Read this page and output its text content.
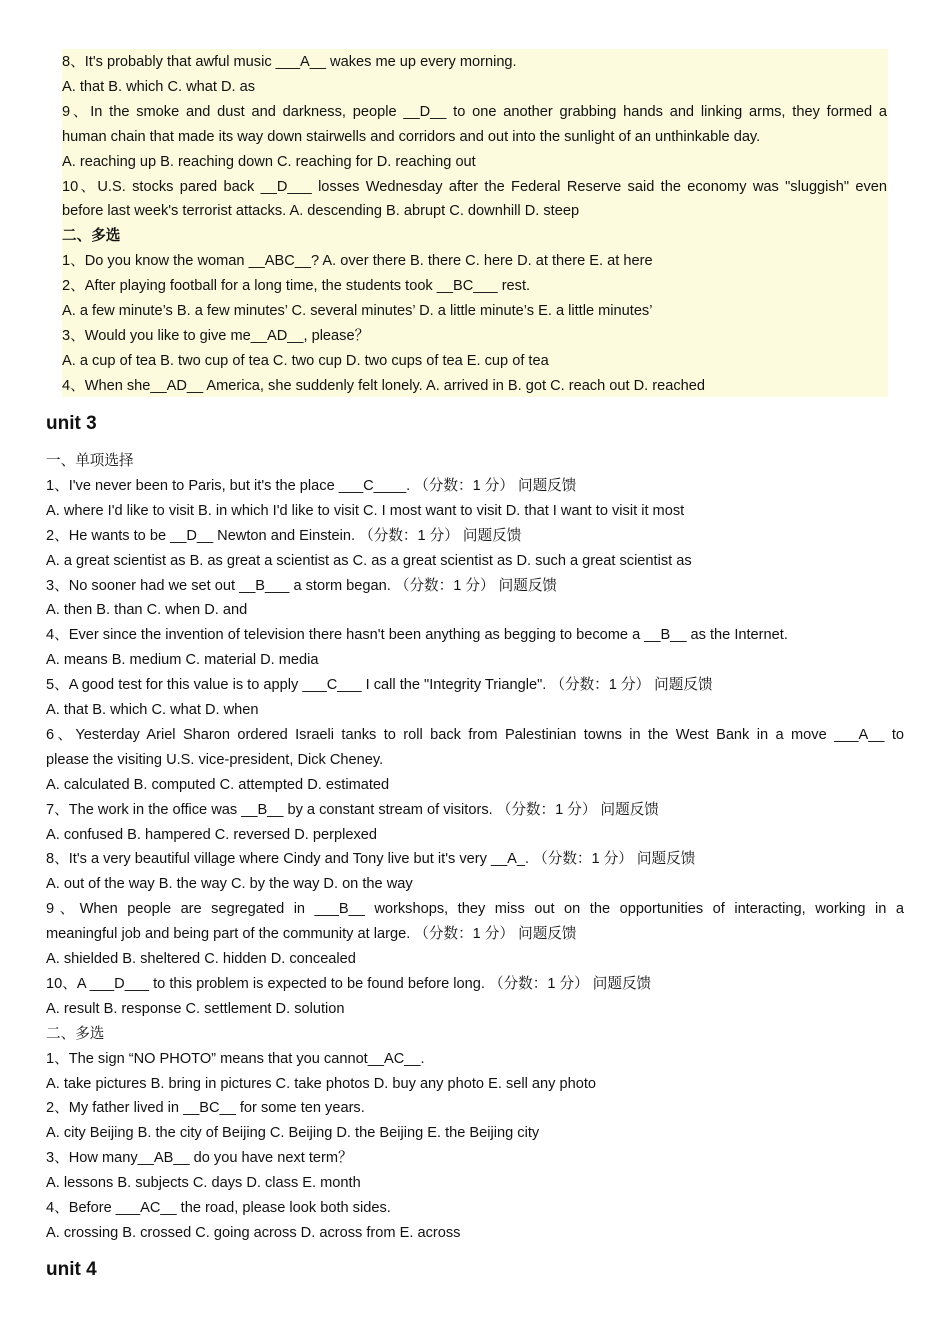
8、It's probably that awful music ___A__ wakes me up every morning.
A. that B. which C. what D. as
9、In the smoke and dust and darkness, people __D__ to one another grabbing hands and linking arms, they formed a
human chain that made its way down stairwells and corridors and out into the sunlight of an unthinkable day.
A. reaching up B. reaching down C. reaching for D. reaching out
10、U.S. stocks pared back __D___ losses Wednesday after the Federal Reserve said the economy was "sluggish" even
before last week's terrorist attacks. A. descending B. abrupt C. downhill D. steep
二、多选
1、Do you know the woman __ABC__? A. over there B. there C. here D. at there E. at here
2、After playing football for a long time, the students took __BC___ rest.
A. a few minute’s B. a few minutes’ C. several minutes’ D. a little minute’s E. a little minutes’
3、Would you like to give me__AD__, please？
A. a cup of tea B. two cup of tea C. two cup D. two cups of tea E. cup of tea
4、When she__AD__ America, she suddenly felt lonely. A. arrived in B. got C. reach out D. reached
unit 3
一、单项选择
1、I've never been to Paris, but it's the place ___C____. （分数：1 分） 问题反馈
A. where I'd like to visit B. in which I'd like to visit C. I most want to visit D. that I want to visit it most
2、He wants to be __D__ Newton and Einstein. （分数：1 分） 问题反馈
A. a great scientist as B. as great a scientist as C. as a great scientist as D. such a great scientist as
3、No sooner had we set out __B___ a storm began. （分数：1 分） 问题反馈
A. then B. than C. when D. and
4、Ever since the invention of television there hasn't been anything as begging to become a __B__ as the Internet.
A. means B. medium C. material D. media
5、A good test for this value is to apply ___C___ I call the "Integrity Triangle". （分数：1 分） 问题反馈
A. that B. which C. what D. when
6、Yesterday Ariel Sharon ordered Israeli tanks to roll back from Palestinian towns in the West Bank in a move ___A__ to
please the visiting U.S. vice-president, Dick Cheney.
A. calculated B. computed C. attempted D. estimated
7、The work in the office was __B__ by a constant stream of visitors. （分数：1 分） 问题反馈
A. confused B. hampered C. reversed D. perplexed
8、It's a very beautiful village where Cindy and Tony live but it's very __A_. （分数：1 分） 问题反馈
A. out of the way B. the way C. by the way D. on the way
9、When people are segregated in ___B__ workshops, they miss out on the opportunities of interacting, working in a
meaningful job and being part of the community at large. （分数：1 分） 问题反馈
A. shielded B. sheltered C. hidden D. concealed
10、A ___D___ to this problem is expected to be found before long. （分数：1 分） 问题反馈
A. result B. response C. settlement D. solution
二、多选
1、The sign “NO PHOTO” means that you cannot__AC__.
A. take pictures B. bring in pictures C. take photos D. buy any photo E. sell any photo
2、My father lived in __BC__ for some ten years.
A. city Beijing B. the city of Beijing C. Beijing D. the Beijing E. the Beijing city
3、How many__AB__ do you have next term？
A. lessons B. subjects C. days D. class E. month
4、Before ___AC__ the road, please look both sides.
A. crossing B. crossed C. going across D. across from E. across
unit 4
